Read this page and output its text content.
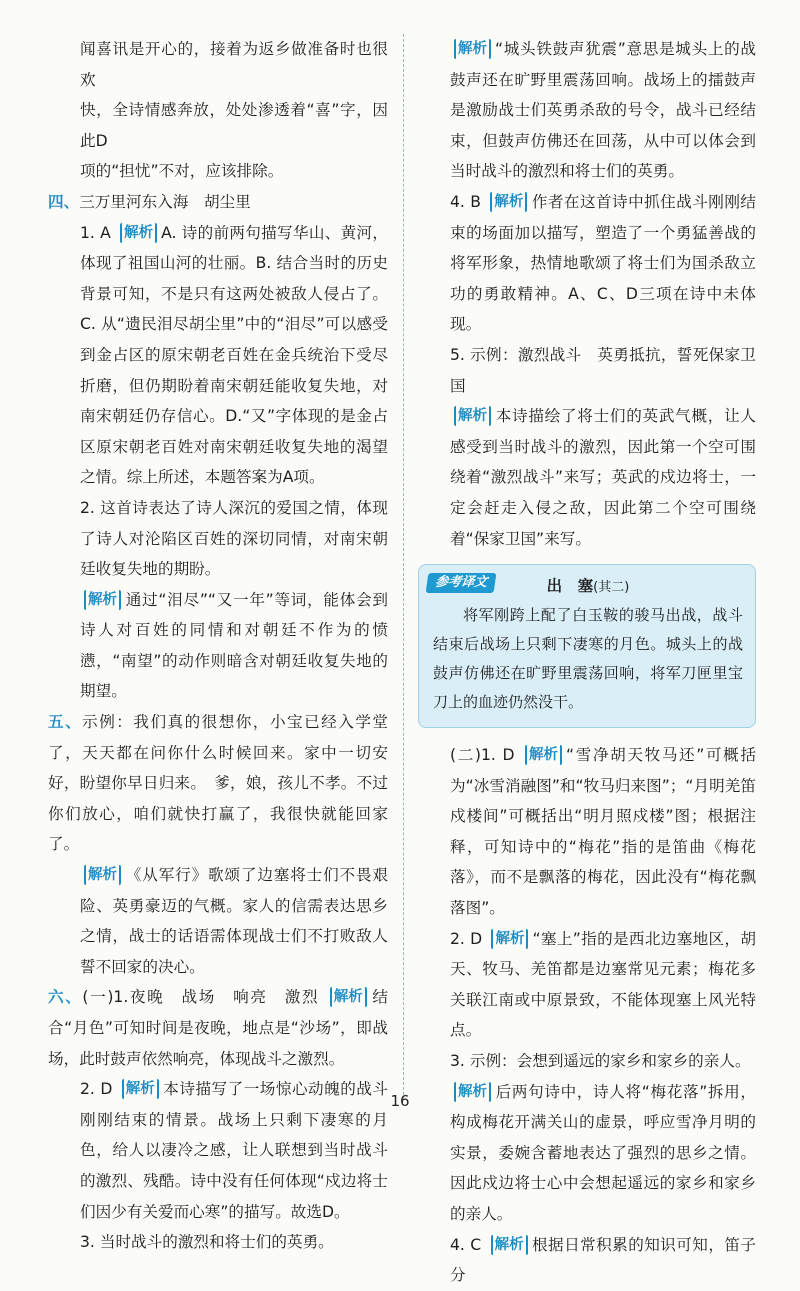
闻喜讯是开心的，接着为返乡做准备时也很欢

快，全诗情感奔放，处处渗透着“喜”字，因此D

项的“担忧”不对，应该排除。

四、三万里河东入海　胡尘里

1. A 解析 A. 诗的前两句描写华山、黄河，体现了祖国山河的壮丽。B. 结合当时的历史背景可知，不是只有这两处被敌人侵占了。C. 从“遗民泪尽胡尘里”中的“泪尽”可以感受到金占区的原宋朝老百姓在金兵统治下受尽折磨，但仍期盼着南宋朝廷能收复失地，对南宋朝廷仍存信心。D.“又”字体现的是金占区原宋朝老百姓对南宋朝廷收复失地的渴望之情。综上所述，本题答案为A项。

2. 这首诗表达了诗人深沉的爱国之情，体现了诗人对沦陷区百姓的深切同情，对南宋朝廷收复失地的期盼。

解析 通过“泪尽”“又一年”等词，能体会到诗人对百姓的同情和对朝廷不作为的愤懑，“南望”的动作则暗含对朝廷收复失地的期望。

五、示例：我们真的很想你，小宝已经入学堂了，天天都在问你什么时候回来。家中一切安好，盼望你早日归来。　爹，娘，孩儿不孝。不过你们放心，咱们就快打赢了，我很快就能回家了。

解析 《从军行》歌颂了边塞将士们不畏艰险、英勇豪迈的气概。家人的信需表达思乡之情，战士的话语需体现战士们不打败敌人誓不回家的决心。

六、(一)1.夜晚　战场　响亮　激烈 解析 结合“月色”可知时间是夜晚，地点是“沙场”，即战场，此时鼓声依然响亮，体现战斗之激烈。

2. D 解析 本诗描写了一场惊心动魄的战斗刚刚结束的情景。战场上只剩下凄寒的月色，给人以凄冷之感，让人联想到当时战斗的激烈、残酷。诗中没有任何体现“戍边将士们因少有关爱而心寒”的描写。故选D。

3. 当时战斗的激烈和将士们的英勇。

解析 “城头铁鼓声犹震”意思是城头上的战鼓声还在旷野里震荡回响。战场上的擂鼓声是激励战士们英勇杀敌的号令，战斗已经结束，但鼓声仿佛还在回荡，从中可以体会到当时战斗的激烈和将士们的英勇。

4. B 解析 作者在这首诗中抓住战斗刚刚结束的场面加以描写，塑造了一个勇猛善战的将军形象，热情地歌颂了将士们为国杀敌立功的勇敢精神。A、C、D三项在诗中未体现。

5. 示例：激烈战斗　英勇抵抗，誓死保家卫国

解析 本诗描绘了将士们的英武气概，让人感受到当时战斗的激烈，因此第一个空可围绕着“激烈战斗”来写；英武的戍边将士，一定会赶走入侵之敌，因此第二个空可围绕着“保家卫国”来写。

参考译文	出　塞(其二)

将军刚跨上配了白玉鞍的骏马出战，战斗结束后战场上只剩下凄寒的月色。城头上的战鼓声仿佛还在旷野里震荡回响，将军刀匣里宝刀上的血迹仍然没干。

(二)1. D 解析 “雪净胡天牧马还”可概括为“冰雪消融图”和“牧马归来图”；“月明羌笛戍楼间”可概括出“明月照戍楼”图；根据注释，可知诗中的“梅花”指的是笛曲《梅花落》，而不是飘落的梅花，因此没有“梅花飘落图”。

2. D 解析 “塞上”指的是西北边塞地区，胡天、牧马、羌笛都是边塞常见元素；梅花多关联江南或中原景致，不能体现塞上风光特点。

3. 示例：会想到遥远的家乡和家乡的亲人。

解析 后两句诗中，诗人将“梅花落”拆用，构成梅花开满关山的虚景，呼应雪净月明的实景，委婉含蓄地表达了强烈的思乡之情。因此戍边将士心中会想起遥远的家乡和家乡的亲人。

4. C 解析 根据日常积累的知识可知，笛子分

16
